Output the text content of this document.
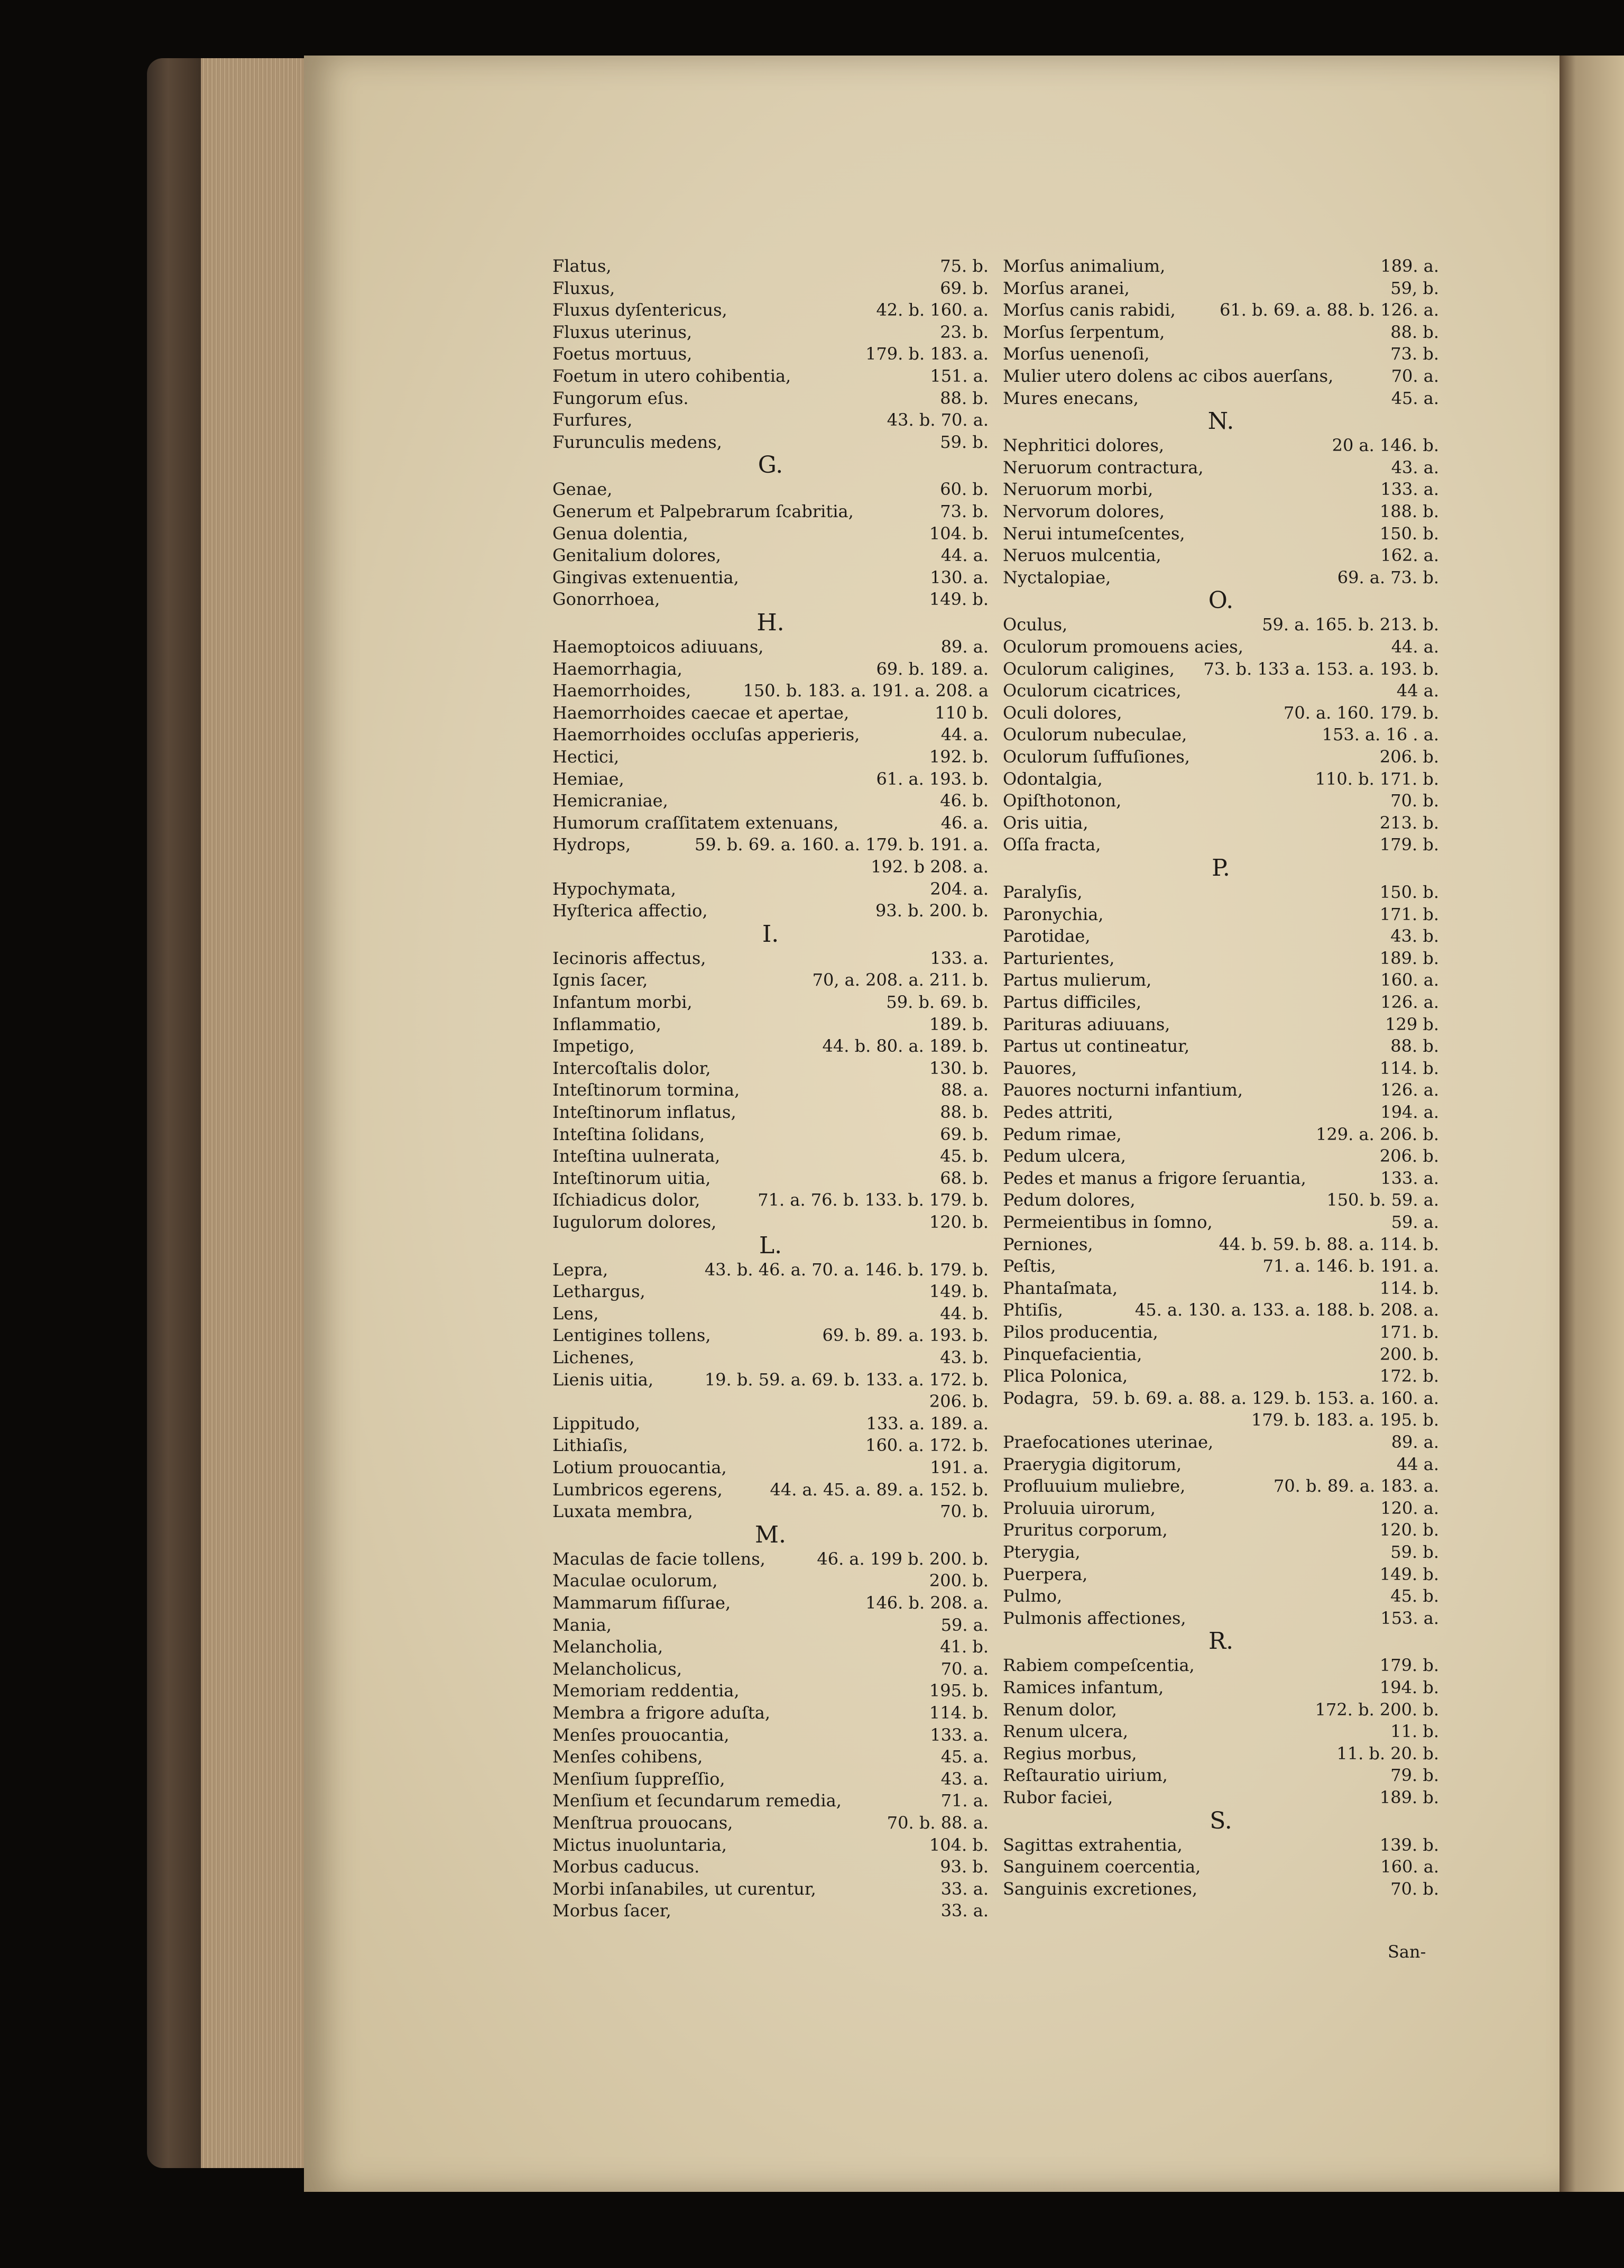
Flatus,	75. b.
Fluxus,	69. b.
Fluxus dyſentericus,	42. b. 160. a.
Fluxus uterinus,	23. b.
Foetus mortuus,	179. b. 183. a.
Foetum in utero cohibentia,	151. a.
Fungorum eſus.	88. b.
Furfures,	43. b. 70. a.
Furunculis medens,	59. b.
G.
Genae,	60. b.
Generum et Palpebrarum ſcabritia,	73. b.
Genua dolentia,	104. b.
Genitalium dolores,	44. a.
Gingivas extenuentia,	130. a.
Gonorrhoea,	149. b.
H.
Haemoptoicos adiuuans,	89. a.
Haemorrhagia,	69. b. 189. a.
Haemorrhoides,	150. b. 183. a. 191. a. 208. a
Haemorrhoides caecae et apertae,	110 b.
Haemorrhoides occluſas apperieris,	44. a.
Hectici,	192. b.
Hemiae,	61. a. 193. b.
Hemicraniae,	46. b.
Humorum craſſitatem extenuans,	46. a.
Hydrops,	59. b. 69. a. 160. a. 179. b. 191. a.
192. b 208. a.
Hypochymata,	204. a.
Hyſterica affectio,	93. b. 200. b.
I.
Iecinoris affectus,	133. a.
Ignis ſacer,	70, a. 208. a. 211. b.
Infantum morbi,	59. b. 69. b.
Inflammatio,	189. b.
Impetigo,	44. b. 80. a. 189. b.
Intercoſtalis dolor,	130. b.
Inteſtinorum tormina,	88. a.
Inteſtinorum inflatus,	88. b.
Inteſtina ſolidans,	69. b.
Inteſtina uulnerata,	45. b.
Inteſtinorum uitia,	68. b.
Iſchiadicus dolor,	71. a. 76. b. 133. b. 179. b.
Iugulorum dolores,	120. b.
L.
Lepra,	43. b. 46. a. 70. a. 146. b. 179. b.
Lethargus,	149. b.
Lens,	44. b.
Lentigines tollens,	69. b. 89. a. 193. b.
Lichenes,	43. b.
Lienis uitia,	19. b. 59. a. 69. b. 133. a. 172. b.
206. b.
Lippitudo,	133. a. 189. a.
Lithiaſis,	160. a. 172. b.
Lotium prouocantia,	191. a.
Lumbricos egerens,	44. a. 45. a. 89. a. 152. b.
Luxata membra,	70. b.
M.
Maculas de facie tollens,	46. a. 199 b. 200. b.
Maculae oculorum,	200. b.
Mammarum fiſſurae,	146. b. 208. a.
Mania,	59. a.
Melancholia,	41. b.
Melancholicus,	70. a.
Memoriam reddentia,	195. b.
Membra a frigore aduſta,	114. b.
Menſes prouocantia,	133. a.
Menſes cohibens,	45. a.
Menſium ſuppreſſio,	43. a.
Menſium et ſecundarum remedia,	71. a.
Menſtrua prouocans,	70. b. 88. a.
Mictus inuoluntaria,	104. b.
Morbus caducus.	93. b.
Morbi inſanabiles, ut curentur,	33. a.
Morbus ſacer,	33. a.
Morſus animalium,	189. a.
Morſus aranei,	59, b.
Morſus canis rabidi,	61. b. 69. a. 88. b. 126. a.
Morſus ſerpentum,	88. b.
Morſus uenenoſi,	73. b.
Mulier utero dolens ac cibos auerſans,	70. a.
Mures enecans,	45. a.
N.
Nephritici dolores,	20 a. 146. b.
Neruorum contractura,	43. a.
Neruorum morbi,	133. a.
Nervorum dolores,	188. b.
Nerui intumeſcentes,	150. b.
Neruos mulcentia,	162. a.
Nyctalopiae,	69. a. 73. b.
O.
Oculus,	59. a. 165. b. 213. b.
Oculorum promouens acies,	44. a.
Oculorum caligines, 73. b. 133 a. 153. a. 193. b.
Oculorum cicatrices,	44 a.
Oculi dolores,	70. a. 160. 179. b.
Oculorum nubeculae,	153. a. 16 . a.
Oculorum ſuffuſiones,	206. b.
Odontalgia,	110. b. 171. b.
Opiſthotonon,	70. b.
Oris uitia,	213. b.
Oſſa fracta,	179. b.
P.
Paralyſis,	150. b.
Paronychia,	171. b.
Parotidae,	43. b.
Parturientes,	189. b.
Partus mulierum,	160. a.
Partus difficiles,	126. a.
Parituras adiuuans,	129 b.
Partus ut contineatur,	88. b.
Pauores,	114. b.
Pauores nocturni infantium,	126. a.
Pedes attriti,	194. a.
Pedum rimae,	129. a. 206. b.
Pedum ulcera,	206. b.
Pedes et manus a frigore ſeruantia,	133. a.
Pedum dolores,	150. b. 59. a.
Permeientibus in ſomno,	59. a.
Perniones,	44. b. 59. b. 88. a. 114. b.
Peſtis,	71. a. 146. b. 191. a.
Phantaſmata,	114. b.
Phtiſis,	45. a. 130. a. 133. a. 188. b. 208. a.
Pilos producentia,	171. b.
Pinquefacientia,	200. b.
Plica Polonica,	172. b.
Podagra, 59. b. 69. a. 88. a. 129. b. 153. a. 160. a.
179. b. 183. a. 195. b.
Praefocationes uterinae,	89. a.
Praerygia digitorum,	44 a.
Profluuium muliebre,	70. b. 89. a. 183. a.
Proluuia uirorum,	120. a.
Pruritus corporum,	120. b.
Pterygia,	59. b.
Puerpera,	149. b.
Pulmo,	45. b.
Pulmonis affectiones,	153. a.
R.
Rabiem compeſcentia,	179. b.
Ramices infantum,	194. b.
Renum dolor,	172. b. 200. b.
Renum ulcera,	11. b.
Regius morbus,	11. b. 20. b.
Reſtauratio uirium,	79. b.
Rubor faciei,	189. b.
S.
Sagittas extrahentia,	139. b.
Sanguinem coercentia,	160. a.
Sanguinis excretiones,	70. b.
San-
